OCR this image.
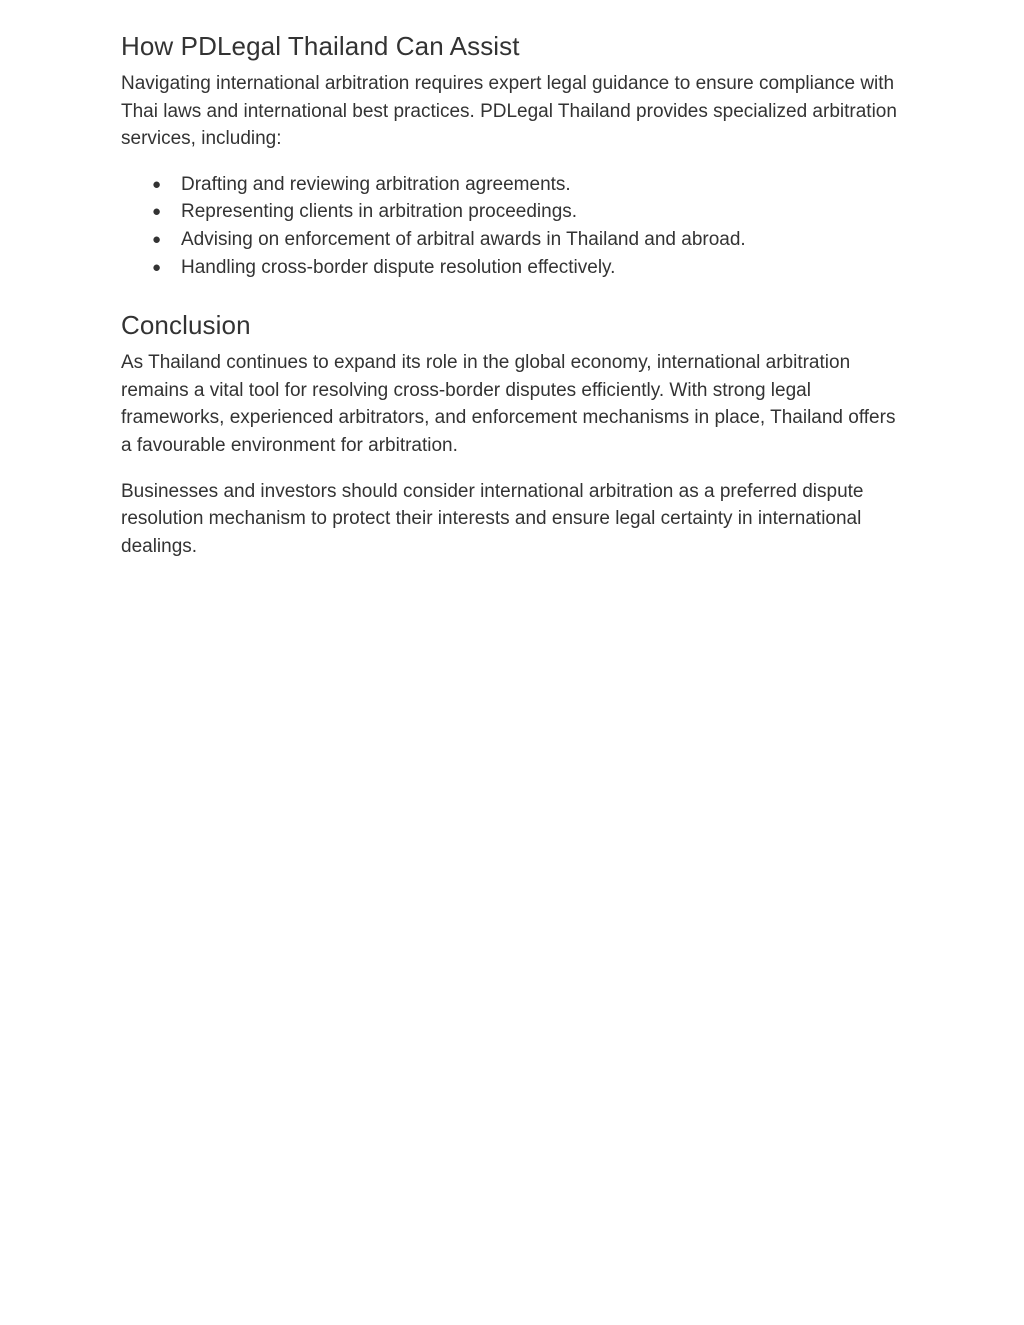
How PDLegal Thailand Can Assist

Navigating international arbitration requires expert legal guidance to ensure compliance with Thai laws and international best practices. PDLegal Thailand provides specialized arbitration services, including:

● Drafting and reviewing arbitration agreements.
● Representing clients in arbitration proceedings.
● Advising on enforcement of arbitral awards in Thailand and abroad.
● Handling cross-border dispute resolution effectively.
Conclusion

As Thailand continues to expand its role in the global economy, international arbitration remains a vital tool for resolving cross-border disputes efficiently. With strong legal frameworks, experienced arbitrators, and enforcement mechanisms in place, Thailand offers a favourable environment for arbitration.

Businesses and investors should consider international arbitration as a preferred dispute resolution mechanism to protect their interests and ensure legal certainty in international dealings.
